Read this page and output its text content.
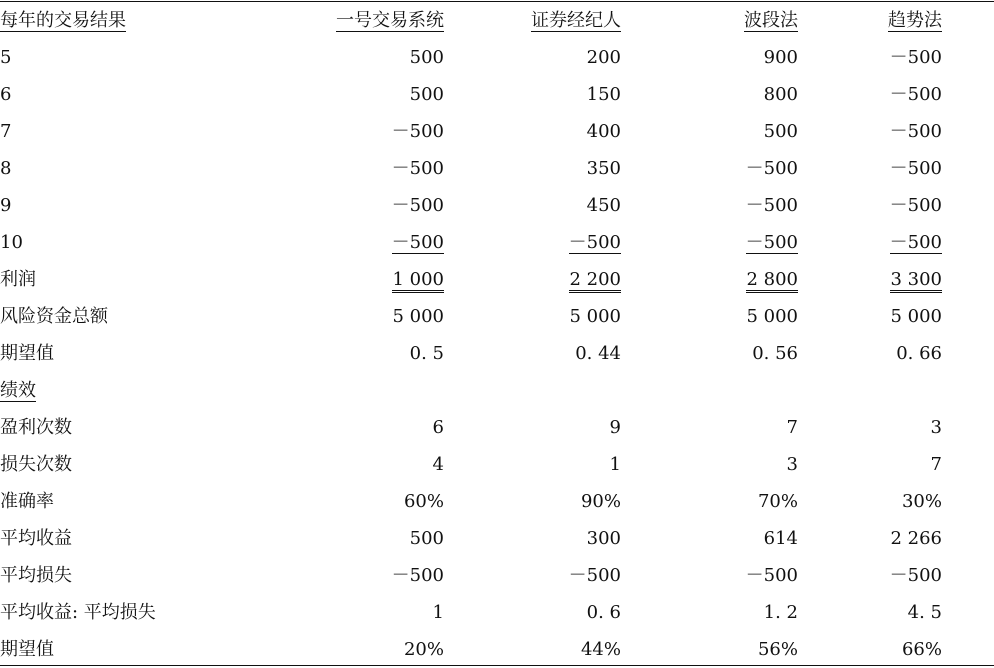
每年的交易结果	一号交易系统	证券经纪人	波段法	趋势法	
5	500	200	900	－500	
6	500	150	800	－500	
7	－500	400	500	－500	
8	－500	350	－500	－500	
9	－500	450	－500	－500	
10	－500	－500	－500	－500	
利润	1 000	2 200	2 800	3 300	
风险资金总额	5 000	5 000	5 000	5 000	
期望值	0. 5	0. 44	0. 56	0. 66	
绩效					
盈利次数	6	9	7	3	
损失次数	4	1	3	7	
准确率	60%	90%	70%	30%	
平均收益	500	300	614	2 266	
平均损失	－500	－500	－500	－500	
平均收益: 平均损失	1	0. 6	1. 2	4. 5	
期望值	20%	44%	56%	66%	
